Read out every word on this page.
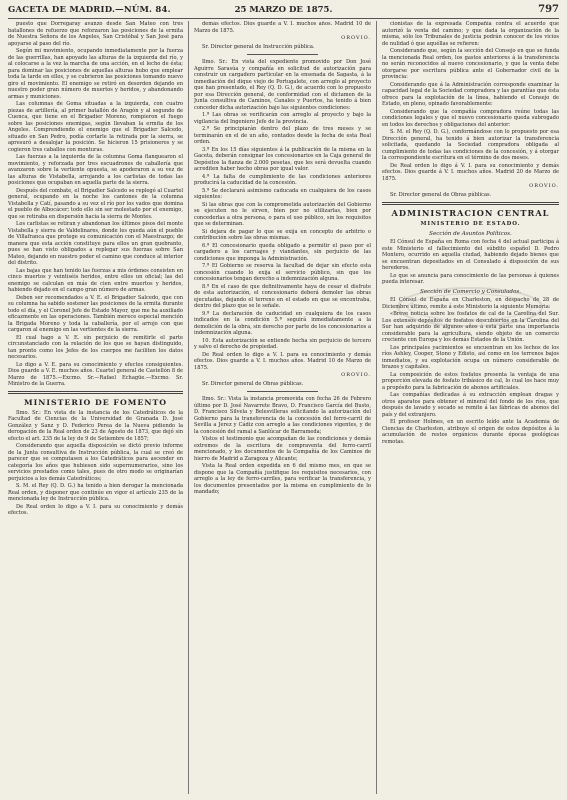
GACETA DE MADRID.—NÚM. 84.	25 MARZO DE 1875.	797

puesto que Dorregaray avanzó desde San Mateo con tres batallones de refuerzo que reforzaron las posiciones de la ermita de Nuestra Señora de los Angeles, San Cristóbal y San José para apoyarse al paso del río.

Según mi movimiento, ocupando inmediatamente por la fuerza de las guerrillas, han apoyado las alturas de la izquierda del río, y al colocarse a la vez la marcha de una acción, en el lecho de ésta; para dominar las posiciones de aquellas alturas hubo que emplear toda la tarde en ellos, y se cubrieron las posiciones tomando nuevo giro el movimiento. El enemigo se retiró en desorden dejando en nuestro poder gran número de muertos y heridos, y abandonando armas y municiones.

Las columnas de Goma situadas a la izquierda, con cuatro piezas de artillería, al primer batallón de Aragón y al segundo de Cuenca, que tiene en el Brigadier Moreno, rompieron el fuego sobre las posiciones enemigas, según llevaban la ermita de los Angeles. Comprendiendo el enemigo que el Brigadier Salcedo, situado en San Pedro, podía cortarle la retirada por la sierra, se apresuró a desalojar la posición. Se hicieron 15 prisioneros y se cogieron tres caballos con monturas.

Las fuerzas a la izquierda de la columna Goma flanquearon el movimiento, y reforzada por tres escuadrones de caballería que avanzaron sobre la vertiente opuesta, se apoderaron a su vez de las alturas de Vistabella, arrojando a los carlistas de todas las posiciones que ocupaban en aquella parte de la sierra.

Después del combate, el Brigadier Salcedo se replegó al Cuartel general, ocupando en la noche los cantones de la columna Vistabella y Catí, pasando a su vez el río por los vados que domina el pueblo de Albocácer; todo ello sin ser molestado por el enemigo, que se retiraba en dispersión hacia la sierra de Montes.

Los carlistas se retiran y abandonan los últimos pisos del monte Vistabella y sierra de Valdelinares, donde les queda aún el pueblo de Villafranca que protege su comunicación con el Maestrazgo; de manera que esta acción constituye para ellos un gran quebranto, pues se han visto obligados a replegar sus fuerzas sobre San Mateo, dejando en nuestro poder el camino que conduce al interior del distrito.

Las bajas que han tenido las fuerzas a mis órdenes consisten en cinco muertos y veintiséis heridos, entre ellos un oficial; las del enemigo se calculan en más de cien entre muertos y heridos, habiendo dejado en el campo gran número de armas.

Deben ser recomendados a V. E. el Brigadier Salcedo, que con su columna ha sabido sostener las posiciones de la ermita durante todo el día, y el Coronel Jefe de Estado Mayor, que me ha auxiliado eficazmente en las operaciones. También merece especial mención la Brigada Moreno y toda la caballería, por el arrojo con que cargaron al enemigo en las vertientes de la sierra.

El cual hago a V. E. sin perjuicio de remitirle el parte circunstanciado con la relación de los que se hayan distinguido, tan pronto como los Jefes de los cuerpos me faciliten los datos necesarios.

Lo digo a V. E. para su conocimiento y efectos consiguientes. Dios guarde a V. E. muchos años. Cuartel general de Castellón 8 de Marzo de 1875.—Excmo. Sr.—Rafael Echagüe.—Excmo. Sr. Ministro de la Guerra.

MINISTERIO DE FOMENTO

Ilmo. Sr.: En vista de la instancia de los Catedráticos de la Facultad de Ciencias de la Universidad de Granada D. José González y Sanz y D. Federico Perea de la Nueva pidiendo la derogación de la Real orden de 23 de Agosto de 1873, que dejó sin efecto el art. 235 de la ley de 9 de Setiembre de 1857;

Considerando que aquella disposición se dictó previo informe de la Junta consultiva de Instrucción pública, la cual se creó de parecer que se computasen a los Catedráticos para ascender en categoría los años que hubiesen sido supernumerarios, sino los servicios prestados como tales, pues de otro modo se originarían perjuicios a los demás Catedráticos;

S. M. el Rey (Q. D. G.) ha tenido a bien derogar la mencionada Real orden, y disponer que continúe en vigor el artículo 235 de la mencionada ley de Instrucción pública.

De Real orden lo digo a V. I. para su conocimiento y demás efectos.

demás efectos. Dios guarde a V. I. muchos años. Madrid 10 de Marzo de 1875.

OROVIO.
Sr. Director general de Instrucción pública.

Ilmo. Sr.: En vista del expediente promovido por Don José Aguirre Sarasúa y compañía en solicitud de autorización para construir un cargadero particular en la ensenada de Sagasta, á la inmediación del dique viejo de Portugalete, con arreglo al proyecto que han presentado, el Rey (Q. D. G.), de acuerdo con lo propuesto por esa Dirección general, de conformidad con el dictamen de la Junta consultiva de Caminos, Canales y Puertos, ha tenido á bien conceder dicha autorización bajo las siguientes condiciones:

1.ª Las obras se verificarán con arreglo al proyecto y bajo la vigilancia del Ingeniero Jefe de la provincia.

2.ª Se principiarán dentro del plazo de tres meses y se terminarán en el de un año, contados desde la fecha de esta Real orden.

3.ª En los 15 días siguientes á la publicación de la misma en la Gaceta, deberán consignar los concesionarios en la Caja general de Depósitos la fianza de 2.000 pesetas, que les será devuelta cuando acrediten haber hecho obras por igual valor.

4.ª La falta de cumplimiento de las condiciones anteriores producirá la caducidad de la concesión.

5.ª Se declarará asimismo caducada en cualquiera de los casos siguientes:

Si las obras que con la comprometida autorización del Gobierno se ejecuten no le sirven, bien por no utilizarlas, bien por concederlas a otra persona, o para el uso público, sin los requisitos que se determinan.

Si dejara de pagar lo que se exija en concepto de arbitrio o contribución sobre las obras mismas.

6.ª El concesionario queda obligado a permitir el paso por el cargadero a los carruajes y viandantes, sin perjuicio de las condiciones que imponga la Administración.

7.ª El Gobierno se reserva la facultad de dejar sin efecto esta concesión cuando lo exija el servicio público, sin que los concesionarios tengan derecho a indemnización alguna.

8.ª En el caso de que definitivamente haya de cesar el disfrute de esta autorización, el concesionario deberá demoler las obras ejecutadas, dejando el terreno en el estado en que se encontraba, dentro del plazo que se le señale.

9.ª La declaración de caducidad en cualquiera de los casos indicados en la condición 5.ª seguirá inmediatamente a la demolición de la obra, sin derecho por parte de los concesionarios a indemnización alguna.

10. Esta autorización se entiende hecha sin perjuicio de tercero y salvo el derecho de propiedad.

De Real orden lo digo a V. I. para su conocimiento y demás efectos. Dios guarde a V. I. muchos años. Madrid 10 de Marzo de 1875.

OROVIO.
Sr. Director general de Obras públicas.

Ilmo. Sr.: Vista la instancia promovida con fecha 26 de Febrero último por D. José Navarrete Bravo, D. Francisco García del Busto, D. Francisco Silvela y Belesvilleras solicitando la autorización del Gobierno para la transferencia de la concesión del ferro-carril de Sevilla a Jerez y Cádiz con arreglo a las condiciones vigentes, y de la concesión del ramal a Sanlúcar de Barrameda;

Vistos el testimonio que acompañan de las condiciones y demás extremos de la escritura de compraventa del ferro-carril mencionado, y los documentos de la Compañía de los Caminos de hierro de Madrid a Zaragoza y Alicante;

Vista la Real orden expedida en 6 del mismo mes, en que se dispone que la Compañía justifique los requisitos necesarios, con arreglo a la ley de ferro-carriles, para verificar la transferencia, y los documentos presentados por la misma en cumplimiento de lo mandado;

cionistas de la expresada Compañía contra el acuerdo que autorizó la venta del camino; y que dada la organización de la misma, sólo los Tribunales de justicia podrán conocer de los vicios de nulidad ó que aquéllas se refieren:

Considerando que, según la sección del Consejo en que se funda la mencionada Real orden, los gastos anteriores á la transferencia no serán reconocidos al nuevo concesionario, y que la venta debe otorgarse por escritura pública ante el Gobernador civil de la provincia:

Considerando que á la Administración corresponde examinar la capacidad legal de la Sociedad compradora y las garantías que ésta ofrece para la explotación de la línea, habiendo el Consejo de Estado, en pleno, opinado favorablemente:

Considerando que la compañía compradora reúne todas las condiciones legales y que el nuevo concesionario queda subrogado en todos los derechos y obligaciones del anterior:

S. M. el Rey (Q. D. G.), conformándose con lo propuesto por esa Dirección general, ha tenido á bien autorizar la transferencia solicitada, quedando la Sociedad compradora obligada al cumplimiento de todas las condiciones de la concesión, y á otorgar la correspondiente escritura en el término de dos meses.

De Real orden lo digo á V. I. para su conocimiento y demás efectos. Dios guarde á V. I. muchos años. Madrid 20 de Marzo de 1875.

OROVIO.
Sr. Director general de Obras públicas.
ADMINISTRACION CENTRAL
MINISTERIO DE ESTADO.
Sección de Asuntos Políticos.

El Cónsul de España en Roma con fecha 4 del actual participa á este Ministerio el fallecimiento del súbdito español D. Pedro Montero, ocurrido en aquella ciudad, habiendo dejado bienes que se encuentran depositados en el Consulado á disposición de sus herederos.

Lo que se anuncia para conocimiento de las personas á quienes pueda interesar.

Sección de Comercio y Consulados.

El Cónsul de España en Charleston, en despacho de 28 de Diciembre último, remite á este Ministerio la siguiente Memoria:

«Breve noticia sobre los fosfatos de cal de la Carolina del Sur. Los extensos depósitos de fosfatos descubiertos en la Carolina del Sur han adquirido de algunos años á esta parte una importancia considerable para la agricultura, siendo objeto de un comercio creciente con Europa y los demás Estados de la Unión.

Los principales yacimientos se encuentran en los lechos de los ríos Ashley, Cooper, Stono y Edisto, así como en los terrenos bajos inmediatos, y su explotación ocupa un número considerable de brazos y capitales.

La composición de estos fosfatos presenta la ventaja de una proporción elevada de fosfato tribásico de cal, lo cual los hace muy a propósito para la fabricación de abonos artificiales.

Las compañías dedicadas á su extracción emplean dragas y otros aparatos para obtener el mineral del fondo de los ríos, que después de lavado y secado se remite á las fábricas de abonos del país y del extranjero.

El profesor Holmes, en un escrito leído ante la Academia de Ciencias de Charleston, atribuye el origen de estos depósitos á la acumulación de restos orgánicos durante épocas geológicas remotas.
